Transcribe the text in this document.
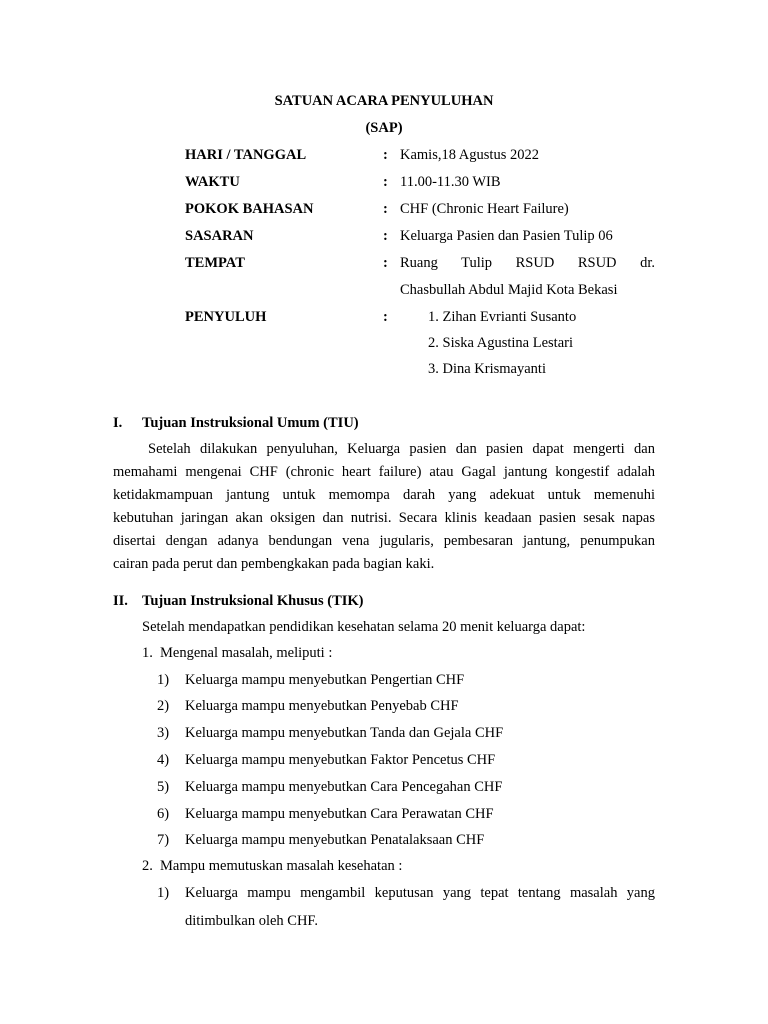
SATUAN ACARA PENYULUHAN
(SAP)
HARI / TANGGAL	: Kamis,18 Agustus 2022
WAKTU	: 11.00-11.30 WIB
POKOK BAHASAN	: CHF (Chronic Heart Failure)
SASARAN	: Keluarga Pasien dan Pasien Tulip 06
TEMPAT	: Ruang Tulip RSUD RSUD dr.
Chasbullah Abdul Majid Kota Bekasi
PENYULUH	:	1. Zihan Evrianti Susanto
2. Siska Agustina Lestari
3. Dina Krismayanti
I. Tujuan Instruksional Umum (TIU)
Setelah dilakukan penyuluhan, Keluarga pasien dan pasien dapat mengerti dan
memahami mengenai CHF (chronic heart failure) atau Gagal jantung kongestif adalah
ketidakmampuan jantung untuk memompa darah yang adekuat untuk memenuhi
kebutuhan jaringan akan oksigen dan nutrisi. Secara klinis keadaan pasien sesak napas
disertai dengan adanya bendungan vena jugularis, pembesaran jantung, penumpukan
cairan pada perut dan pembengkakan pada bagian kaki.
II. Tujuan Instruksional Khusus (TIK)
Setelah mendapatkan pendidikan kesehatan selama 20 menit keluarga dapat:
1. Mengenal masalah, meliputi :
1) Keluarga mampu menyebutkan Pengertian CHF
2) Keluarga mampu menyebutkan Penyebab CHF
3) Keluarga mampu menyebutkan Tanda dan Gejala CHF
4) Keluarga mampu menyebutkan Faktor Pencetus CHF
5) Keluarga mampu menyebutkan Cara Pencegahan CHF
6) Keluarga mampu menyebutkan Cara Perawatan CHF
7) Keluarga mampu menyebutkan Penatalaksaan CHF
2. Mampu memutuskan masalah kesehatan :
1) Keluarga mampu mengambil keputusan yang tepat tentang masalah yang
ditimbulkan oleh CHF.
